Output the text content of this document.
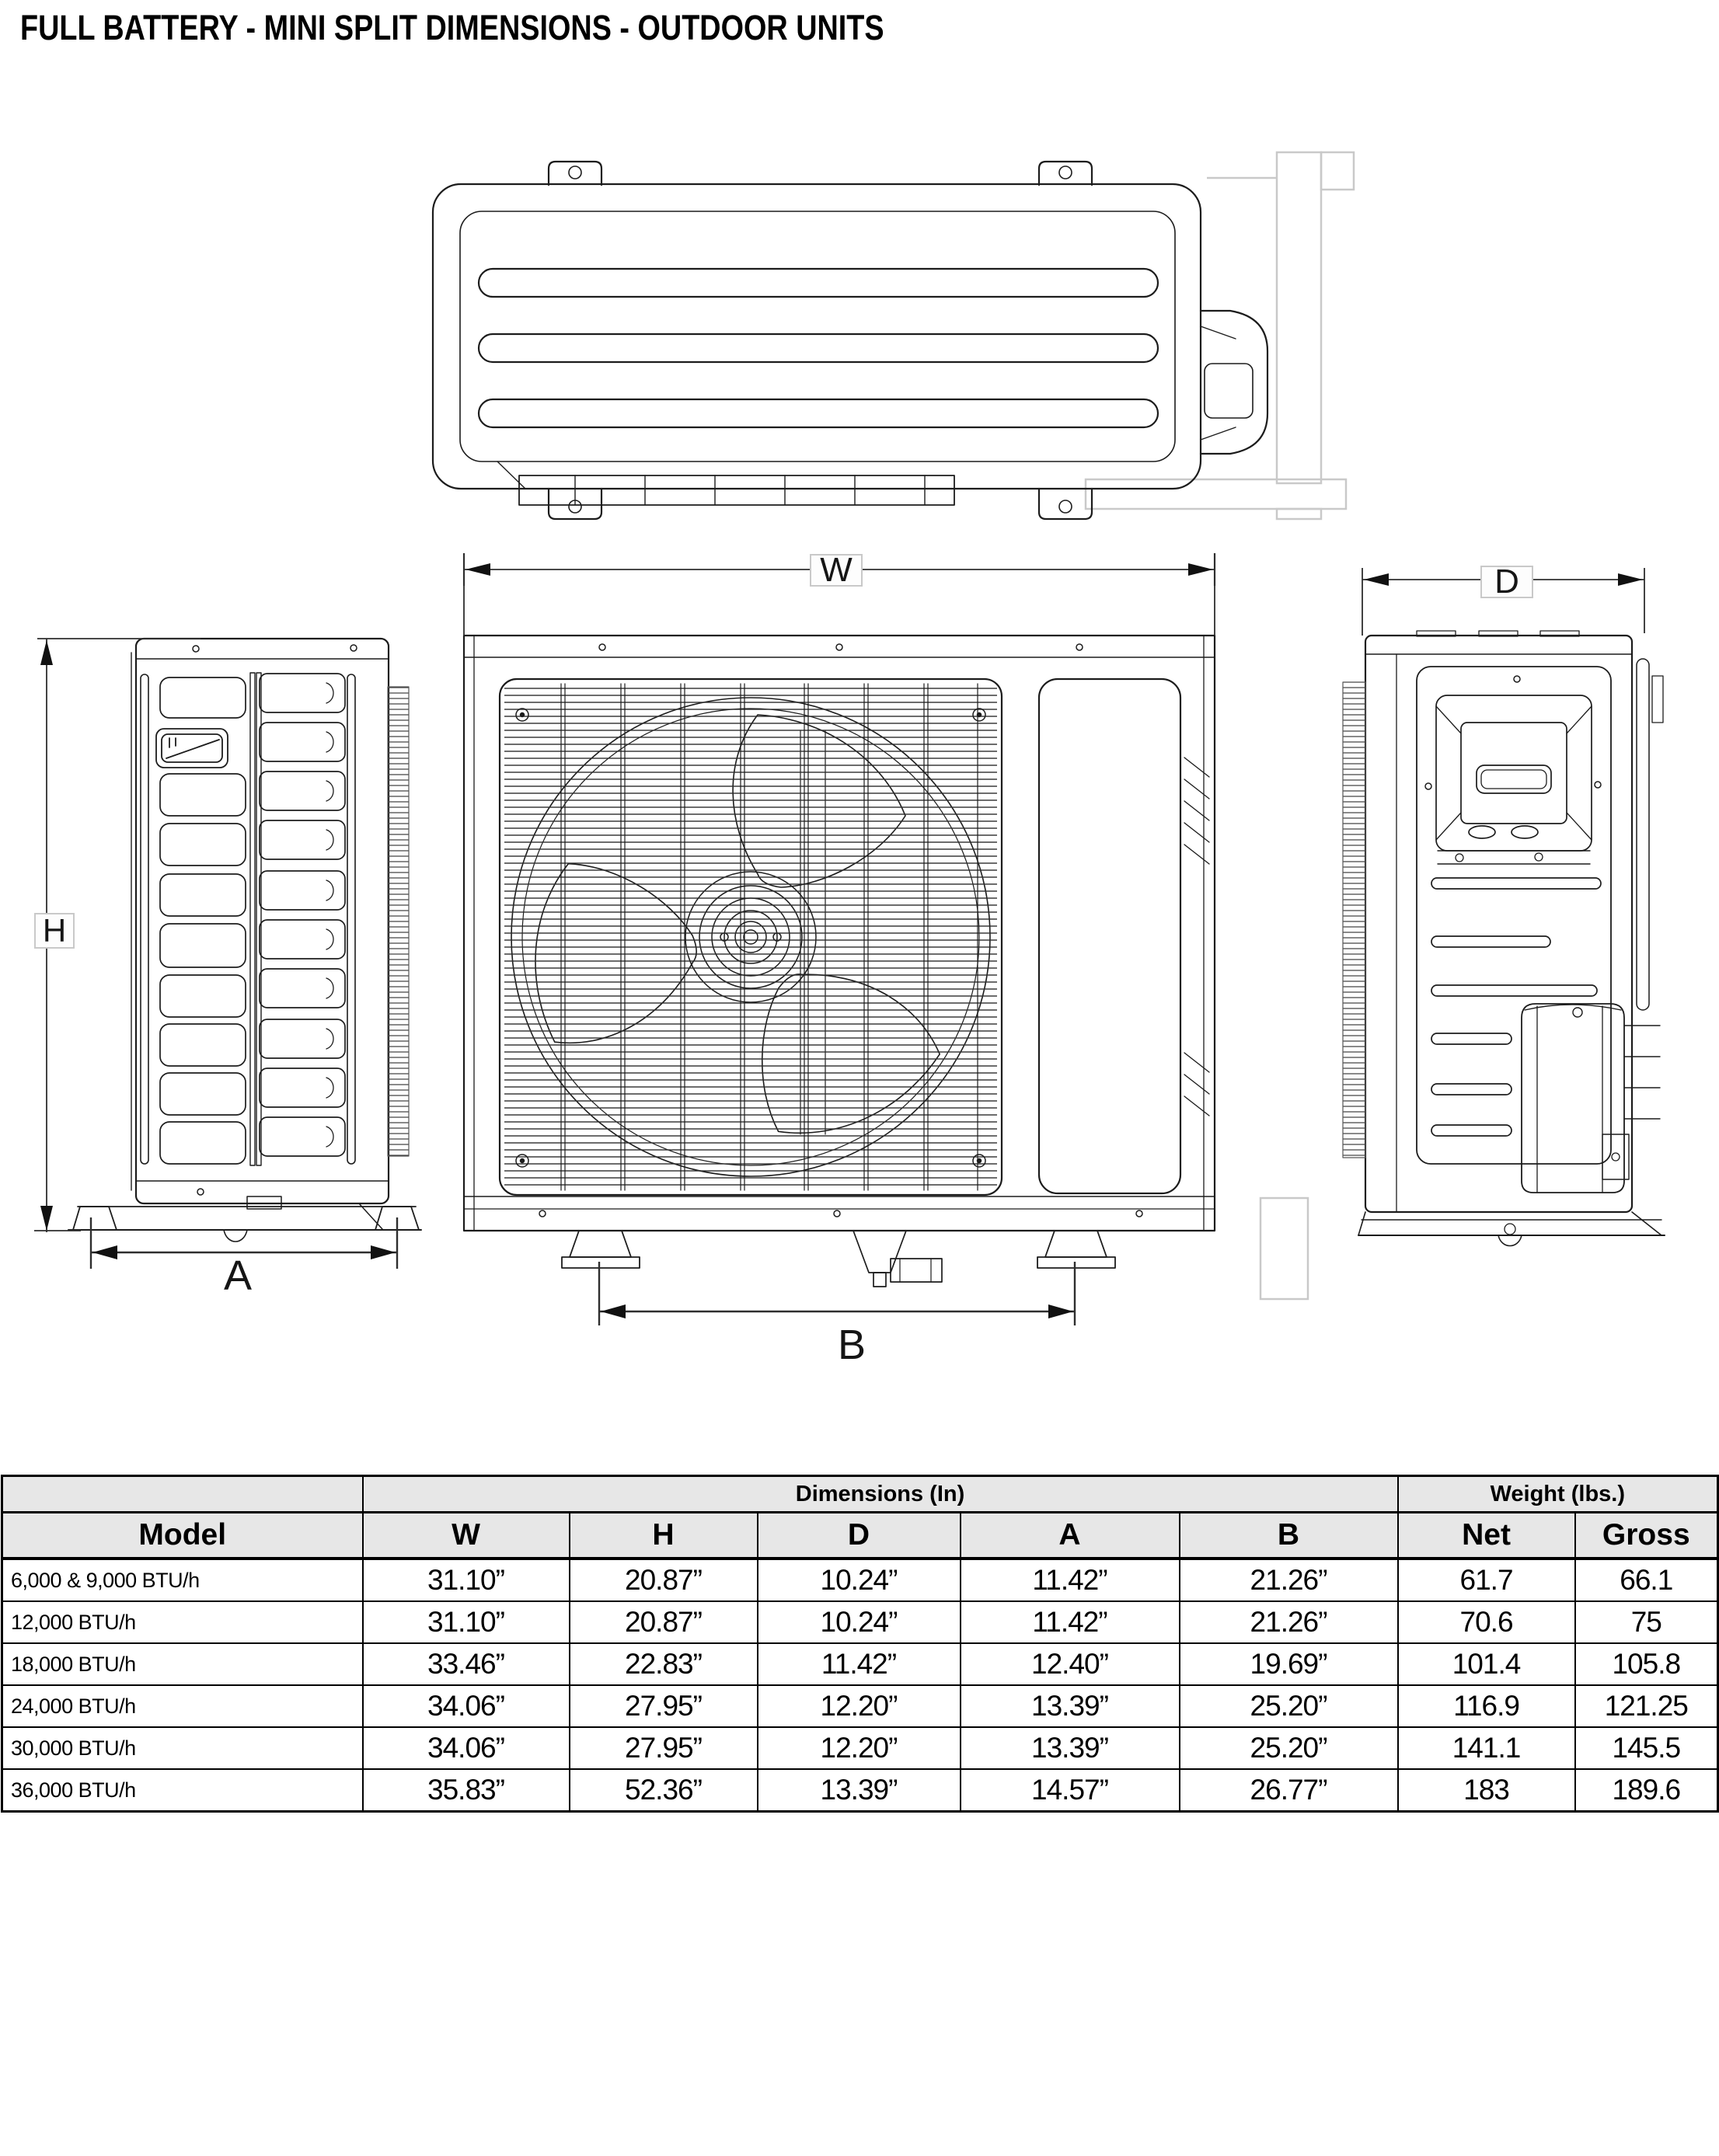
FULL BATTERY - MINI SPLIT DIMENSIONS - OUTDOOR UNITS
W	D
H
A
B
	Dimensions (In)					Weight (lbs.)	
Model	W	H	D	A	B	Net	Gross
6,000 & 9,000 BTU/h	31.10”	20.87”	10.24”	11.42”	21.26”	61.7	66.1
12,000 BTU/h	31.10”	20.87”	10.24”	11.42”	21.26”	70.6	75
18,000 BTU/h	33.46”	22.83”	11.42”	12.40”	19.69”	101.4	105.8
24,000 BTU/h	34.06”	27.95”	12.20”	13.39”	25.20”	116.9	121.25
30,000 BTU/h	34.06”	27.95”	12.20”	13.39”	25.20”	141.1	145.5
36,000 BTU/h	35.83”	52.36”	13.39”	14.57”	26.77”	183	189.6
